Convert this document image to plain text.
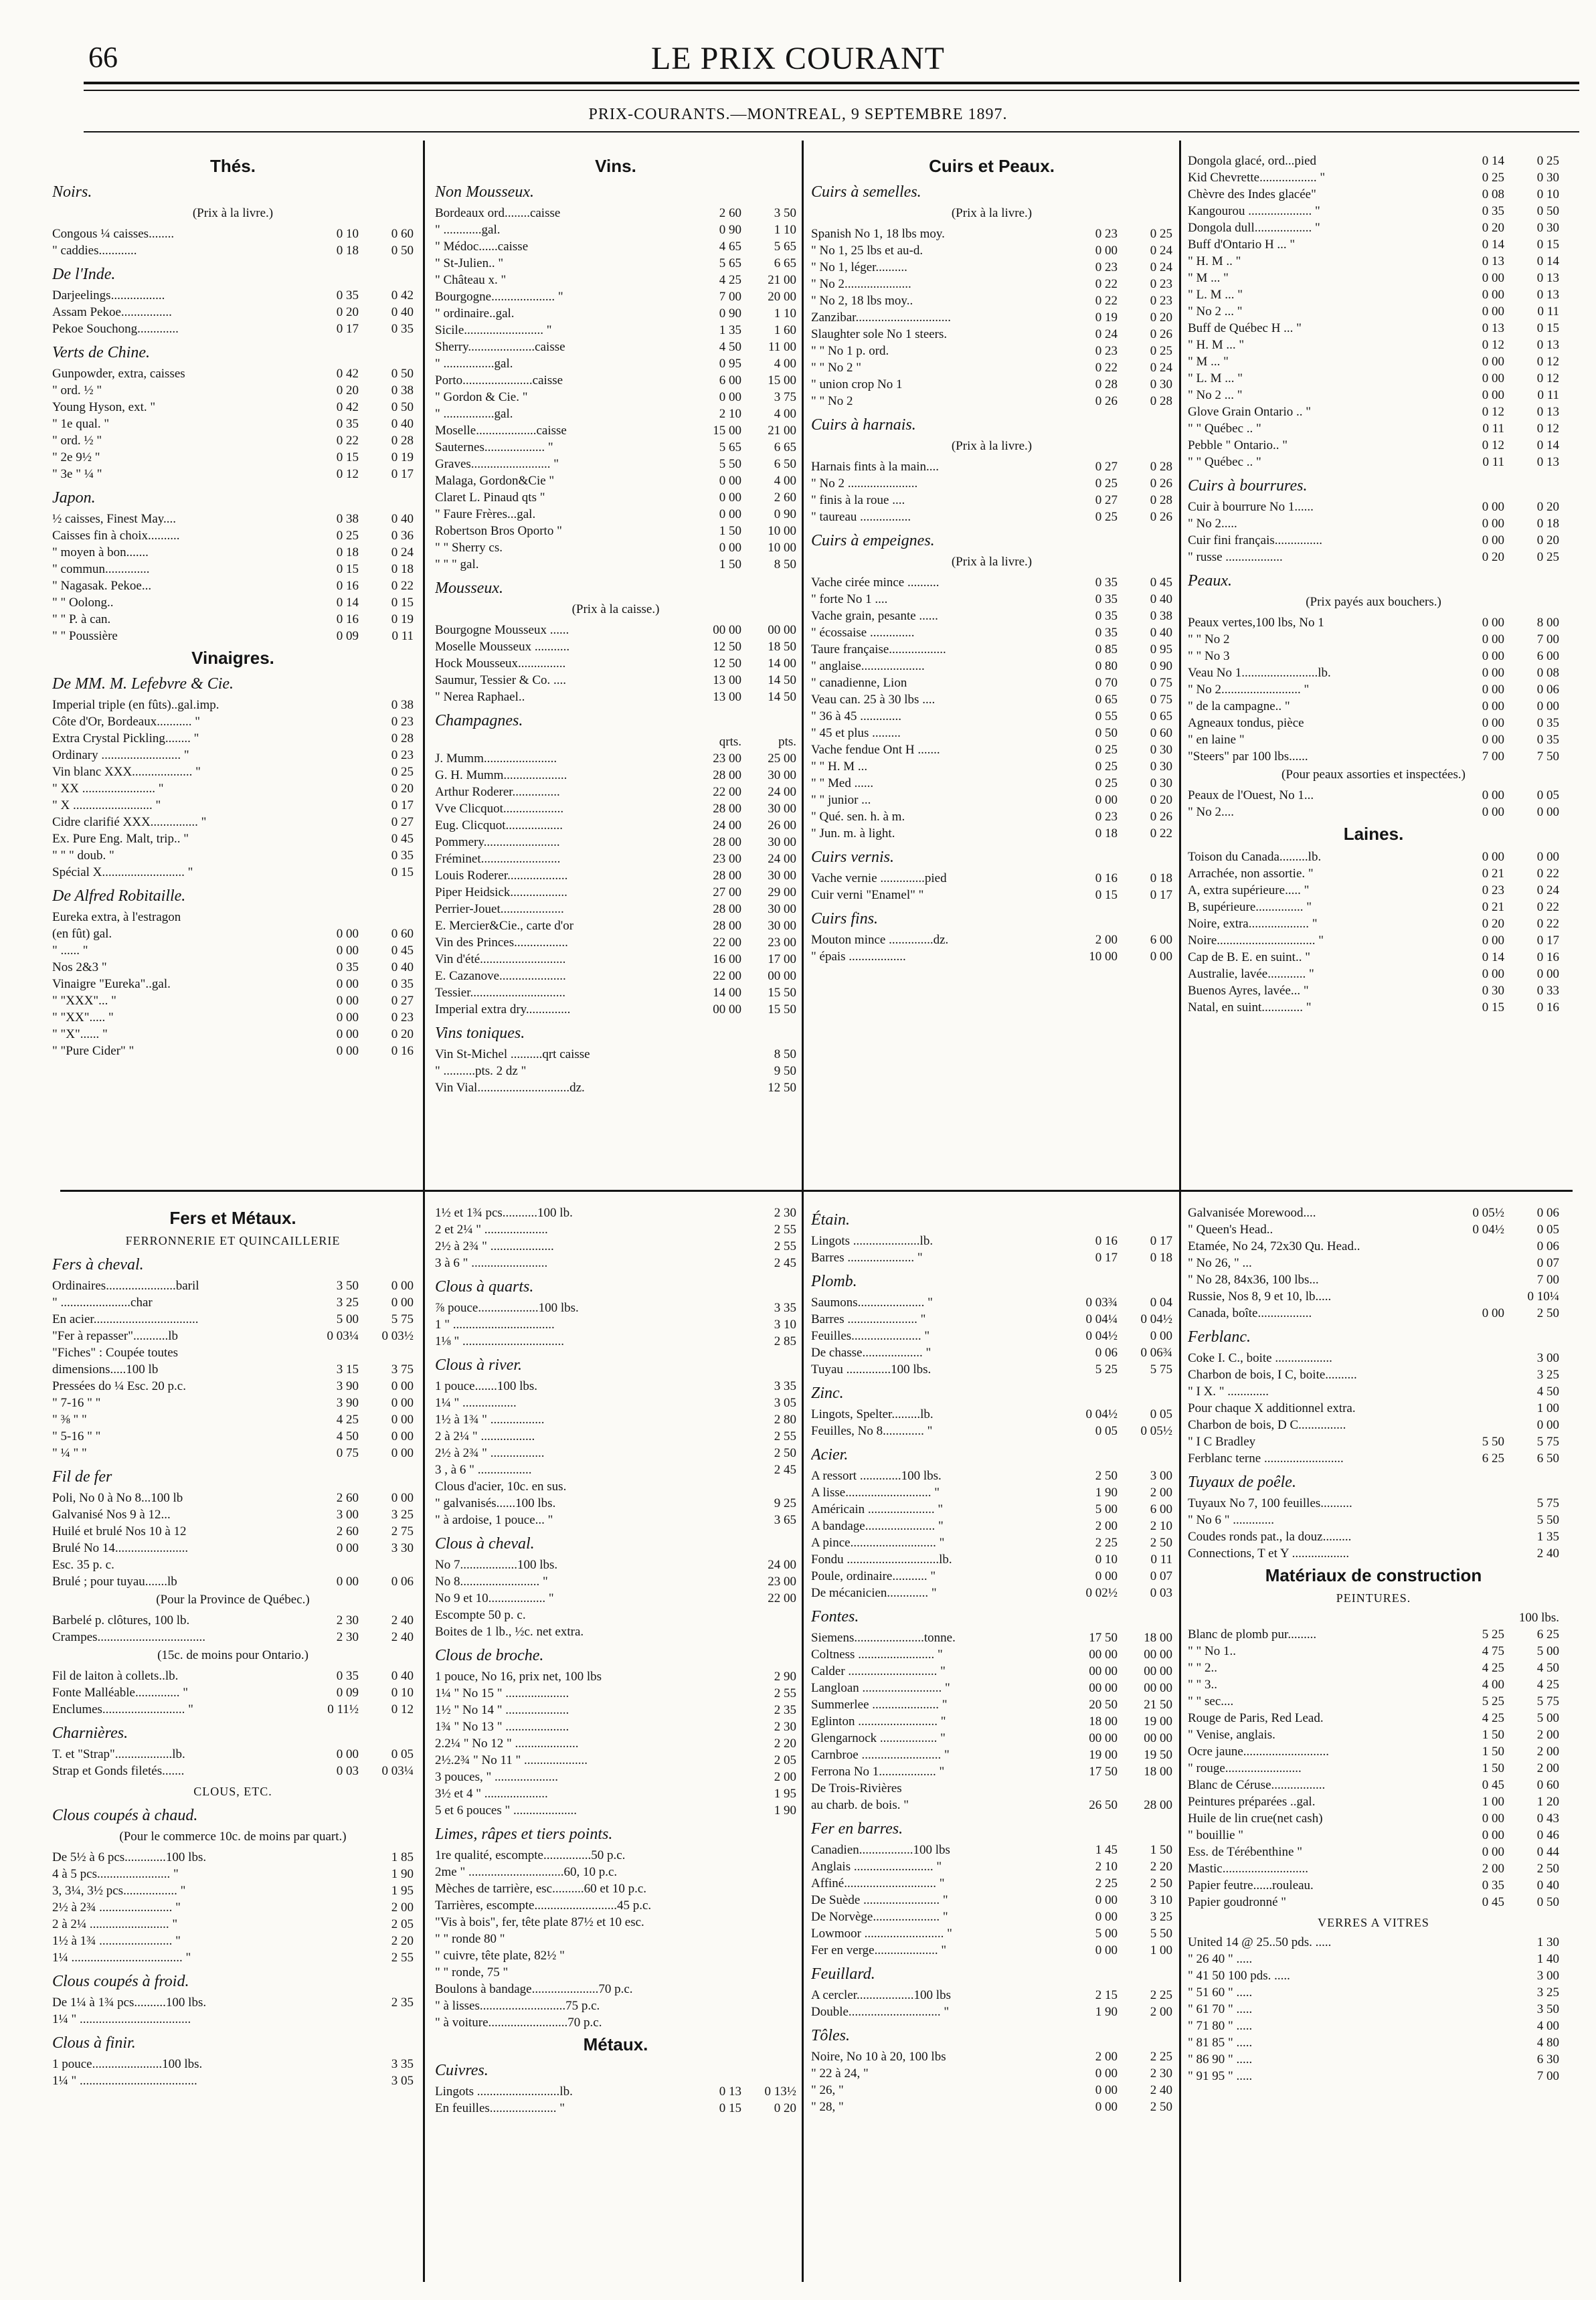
66	LE PRIX COURANT
PRIX-COURANTS.—MONTREAL, 9 SEPTEMBRE 1897.
Thés.
Noirs.
(Prix à la livre.)
Congous ¼ caisses........	0 10	0 60
" caddies............	0 18	0 50
De l'Inde.
Darjeelings.................	0 35	0 42
Assam Pekoe................	0 20	0 40
Pekoe Souchong.............	0 17	0 35
Verts de Chine.
Gunpowder, extra, caisses	0 42	0 50
" ord. ½ "	0 20	0 38
Young Hyson, ext. "	0 42	0 50
" 1e qual. "	0 35	0 40
" ord. ½ "	0 22	0 28
" 2e 9½ "	0 15	0 19
" 3e " ¼ "	0 12	0 17
Japon.
½ caisses, Finest May....	0 38	0 40
Caisses fin à choix..........	0 25	0 36
" moyen à bon.......	0 18	0 24
" commun..............	0 15	0 18
" Nagasak. Pekoe...	0 16	0 22
" " Oolong..	0 14	0 15
" " P. à can.	0 16	0 19
" " Poussière	0 09	0 11
Vinaigres.
De MM. M. Lefebvre & Cie.
Imperial triple (en fûts)..gal.imp.	0 38
Côte d'Or, Bordeaux........... "	0 23
Extra Crystal Pickling........ "	0 28
Ordinary ......................... "	0 23
Vin blanc XXX................... "	0 25
" XX ....................... "	0 20
" X ......................... "	0 17
Cidre clarifié XXX............... "	0 27
Ex. Pure Eng. Malt, trip.. "	0 45
" " " doub. "	0 35
Spécial X.......................... "	0 15
De Alfred Robitaille.
Eureka extra, à l'estragon
(en fût) gal.	0 00	0 60
" ...... "	0 00	0 45
Nos 2&3 "	0 35	0 40
Vinaigre "Eureka"..gal.	0 00	0 35
" "XXX"... "	0 00	0 27
" "XX"..... "	0 00	0 23
" "X"...... "	0 00	0 20
" "Pure Cider" "	0 00	0 16
Vins.
Non Mousseux.
Bordeaux ord........caisse	2 60	3 50
" ............gal.	0 90	1 10
" Médoc......caisse	4 65	5 65
" St-Julien.. "	5 65	6 65
" Château x. "	4 25	21 00
Bourgogne.................... "	7 00	20 00
" ordinaire..gal.	0 90	1 10
Sicile......................... "	1 35	1 60
Sherry.....................caisse	4 50	11 00
" ................gal.	0 95	4 00
Porto......................caisse	6 00	15 00
" Gordon & Cie. "	0 00	3 75
" ................gal.	2 10	4 00
Moselle...................caisse	15 00	21 00
Sauternes................... "	5 65	6 65
Graves......................... "	5 50	6 50
Malaga, Gordon&Cie "	0 00	4 00
Claret L. Pinaud qts "	0 00	2 60
" Faure Frères...gal.	0 00	0 90
Robertson Bros Oporto "	1 50	10 00
" " Sherry cs.	0 00	10 00
" " " gal.	1 50	8 50
Mousseux.
(Prix à la caisse.)
Bourgogne Mousseux ......	00 00	00 00
Moselle Mousseux ...........	12 50	18 50
Hock Mousseux...............	12 50	14 00
Saumur, Tessier & Co. ....	13 00	14 50
" Nerea Raphael..	13 00	14 50
Champagnes.
qrts.	pts.
J. Mumm.......................	23 00	25 00
G. H. Mumm....................	28 00	30 00
Arthur Roderer...............	22 00	24 00
Vve Clicquot...................	28 00	30 00
Eug. Clicquot..................	24 00	26 00
Pommery........................	28 00	30 00
Fréminet.........................	23 00	24 00
Louis Roderer...................	28 00	30 00
Piper Heidsick..................	27 00	29 00
Perrier-Jouet....................	28 00	30 00
E. Mercier&Cie., carte d'or	28 00	30 00
Vin des Princes.................	22 00	23 00
Vin d'été...........................	16 00	17 00
E. Cazanove.....................	22 00	00 00
Tessier..............................	14 00	15 50
Imperial extra dry..............	00 00	15 50
Vins toniques.
Vin St-Michel ..........qrt caisse	8 50
" ..........pts. 2 dz "	9 50
Vin Vial.............................dz.	12 50
Cuirs et Peaux.
Cuirs à semelles.
(Prix à la livre.)
Spanish No 1, 18 lbs moy.	0 23	0 25
" No 1, 25 lbs et au-d.	0 00	0 24
" No 1, léger..........	0 23	0 24
" No 2.....................	0 22	0 23
" No 2, 18 lbs moy..	0 22	0 23
Zanzibar..............................	0 19	0 20
Slaughter sole No 1 steers.	0 24	0 26
" " No 1 p. ord.	0 23	0 25
" " No 2 "	0 22	0 24
" union crop No 1	0 28	0 30
" " No 2	0 26	0 28
Cuirs à harnais.
(Prix à la livre.)
Harnais fints à la main....	0 27	0 28
" No 2 ......................	0 25	0 26
" finis à la roue ....	0 27	0 28
" taureau ................	0 25	0 26
Cuirs à empeignes.
(Prix à la livre.)
Vache cirée mince ..........	0 35	0 45
" forte No 1 ....	0 35	0 40
Vache grain, pesante ......	0 35	0 38
" écossaise ..............	0 35	0 40
Taure française..................	0 85	0 95
" anglaise....................	0 80	0 90
" canadienne, Lion	0 70	0 75
Veau can. 25 à 30 lbs ....	0 65	0 75
" 36 à 45 .............	0 55	0 65
" 45 et plus .........	0 50	0 60
Vache fendue Ont H .......	0 25	0 30
" " H. M ...	0 25	0 30
" " Med ......	0 25	0 30
" " junior ...	0 00	0 20
" Qué. sen. h. à m.	0 23	0 26
" Jun. m. à light.	0 18	0 22
Cuirs vernis.
Vache vernie ..............pied	0 16	0 18
Cuir verni "Enamel" "	0 15	0 17
Cuirs fins.
Mouton mince ..............dz.	2 00	6 00
" épais ..................	10 00	0 00
Dongola glacé, ord...pied	0 14	0 25
Kid Chevrette.................. "	0 25	0 30
Chèvre des Indes glacée"	0 08	0 10
Kangourou .................... "	0 35	0 50
Dongola dull.................. "	0 20	0 30
Buff d'Ontario H ... "	0 14	0 15
" H. M .. "	0 13	0 14
" M ... "	0 00	0 13
" L. M ... "	0 00	0 13
" No 2 ... "	0 00	0 11
Buff de Québec H ... "	0 13	0 15
" H. M ... "	0 12	0 13
" M ... "	0 00	0 12
" L. M ... "	0 00	0 12
" No 2 ... "	0 00	0 11
Glove Grain Ontario .. "	0 12	0 13
" " Québec .. "	0 11	0 12
Pebble " Ontario.. "	0 12	0 14
" " Québec .. "	0 11	0 13
Cuirs à bourrures.
Cuir à bourrure No 1......	0 00	0 20
" No 2.....	0 00	0 18
Cuir fini français...............	0 00	0 20
" russe ..................	0 20	0 25
Peaux.
(Prix payés aux bouchers.)
Peaux vertes,100 lbs, No 1	0 00	8 00
" " No 2	0 00	7 00
" " No 3	0 00	6 00
Veau No 1........................lb.	0 00	0 08
" No 2......................... "	0 00	0 06
" de la campagne.. "	0 00	0 00
Agneaux tondus, pièce	0 00	0 35
" en laine "	0 00	0 35
"Steers" par 100 lbs......	7 00	7 50
(Pour peaux assorties et inspectées.)
Peaux de l'Ouest, No 1...	0 00	0 05
" No 2....	0 00	0 00
Laines.
Toison du Canada.........lb.	0 00	0 00
Arrachée, non assortie. "	0 21	0 22
A, extra supérieure..... "	0 23	0 24
B, supérieure............... "	0 21	0 22
Noire, extra................... "	0 20	0 22
Noire............................... "	0 00	0 17
Cap de B. E. en suint.. "	0 14	0 16
Australie, lavée............ "	0 00	0 00
Buenos Ayres, lavée... "	0 30	0 33
Natal, en suint............. "	0 15	0 16
Fers et Métaux.
FERRONNERIE ET QUINCAILLERIE
Fers à cheval.
Ordinaires......................baril	3 50	0 00
" ......................char	3 25	0 00
En acier.................................	5 00	5 75
"Fer à repasser"...........lb	0 03¼	0 03½
"Fiches" : Coupée toutes
dimensions.....100 lb	3 15	3 75
Pressées do ¼ Esc. 20 p.c.	3 90	0 00
" 7-16 " "	3 90	0 00
" ⅜ " "	4 25	0 00
" 5-16 " "	4 50	0 00
" ¼ " "	0 75	0 00
Fil de fer
Poli, No 0 à No 8...100 lb	2 60	0 00
Galvanisé Nos 9 à 12...	3 00	3 25
Huilé et brulé Nos 10 à 12	2 60	2 75
Brulé No 14.......................	0 00	3 30
Esc. 35 p. c.
Brulé ; pour tuyau.......lb	0 00	0 06
(Pour la Province de Québec.)
Barbelé p. clôtures, 100 lb.	2 30	2 40
Crampes..................................	2 30	2 40
(15c. de moins pour Ontario.)
Fil de laiton à collets..lb.	0 35	0 40
Fonte Malléable.............. "	0 09	0 10
Enclumes.......................... "	0 11½	0 12
Charnières.
T. et "Strap"..................lb.	0 00	0 05
Strap et Gonds filetés.......	0 03	0 03¼
CLOUS, ETC.
Clous coupés à chaud.
(Pour le commerce 10c. de moins par quart.)
De 5½ à 6 pcs.............100 lbs.	1 85
4 à 5 pcs....................... "	1 90
3, 3¼, 3½ pcs................. "	1 95
2½ à 2¾ ....................... "	2 00
2 à 2¼ ......................... "	2 05
1½ à 1¾ ....................... "	2 20
1¼ ................................... "	2 55
Clous coupés à froid.
De 1¼ à 1¾ pcs..........100 lbs.	2 35
1¼ " ...................................
Clous à finir.
1 pouce......................100 lbs.	3 35
1¼ " .....................................	3 05
1½ et 1¾ pcs...........100 lb.	2 30
2 et 2¼ " ....................	2 55
2½ à 2¾ " ....................	2 55
3 à 6 " ........................	2 45
Clous à quarts.
⅞ pouce...................100 lbs.	3 35
1 " ................................	3 10
1⅛ " ................................	2 85
Clous à river.
1 pouce.......100 lbs.	3 35
1¼ " .................	3 05
1½ à 1¾ " .................	2 80
2 à 2¼ " .................	2 55
2½ à 2¾ " .................	2 50
3 , à 6 " .................	2 45
Clous d'acier, 10c. en sus.
" galvanisés......100 lbs.	9 25
" à ardoise, 1 pouce... "	3 65
Clous à cheval.
No 7..................100 lbs.	24 00
No 8......................... "	23 00
No 9 et 10.................. "	22 00
Escompte 50 p. c.
Boites de 1 lb., ½c. net extra.
Clous de broche.
1 pouce, No 16, prix net, 100 lbs	2 90
1¼ " No 15 " ....................	2 55
1½ " No 14 " ....................	2 35
1¾ " No 13 " ....................	2 30
2.2¼ " No 12 " ....................	2 20
2½.2¾ " No 11 " ....................	2 05
3 pouces, " ....................	2 00
3½ et 4 " ....................	1 95
5 et 6 pouces " ....................	1 90
Limes, râpes et tiers points.
1re qualité, escompte...............50 p.c.
2me " ..............................60, 10 p.c.
Mèches de tarrière, esc..........60 et 10 p.c.
Tarrières, escompte..........................45 p.c.
"Vis à bois", fer, tête plate 87½ et 10 esc.
" " ronde 80 "
" cuivre, tête plate, 82½ "
" " ronde, 75 "
Boulons à bandage.....................70 p.c.
" à lisses...........................75 p.c.
" à voiture.........................70 p.c.
Métaux.
Cuivres.
Lingots ..........................lb.	0 13	0 13½
En feuilles..................... "	0 15	0 20
Étain.
Lingots .....................lb.	0 16	0 17
Barres ..................... "	0 17	0 18
Plomb.
Saumons..................... "	0 03¾	0 04
Barres ...................... "	0 04¼	0 04½
Feuilles...................... "	0 04½	0 00
De chasse................... "	0 06	0 06¾
Tuyau ..............100 lbs.	5 25	5 75
Zinc.
Lingots, Spelter.........lb.	0 04½	0 05
Feuilles, No 8............. "	0 05	0 05½
Acier.
A ressort .............100 lbs.	2 50	3 00
A lisse........................... "	1 90	2 00
Américain ..................... "	5 00	6 00
A bandage...................... "	2 00	2 10
A pince........................... "	2 25	2 50
Fondu .............................lb.	0 10	0 11
Poule, ordinaire........... "	0 00	0 07
De mécanicien............. "	0 02½	0 03
Fontes.
Siemens......................tonne.	17 50	18 00
Coltness ........................ "	00 00	00 00
Calder ............................ "	00 00	00 00
Langloan ......................... "	00 00	00 00
Summerlee ..................... "	20 50	21 50
Eglinton ......................... "	18 00	19 00
Glengarnock .................. "	00 00	00 00
Carnbroe ......................... "	19 00	19 50
Ferrona No 1.................. "	17 50	18 00
De Trois-Rivières
au charb. de bois. "	26 50	28 00
Fer en barres.
Canadien.................100 lbs	1 45	1 50
Anglais ......................... "	2 10	2 20
Affiné............................. "	2 25	2 50
De Suède ........................ "	0 00	3 10
De Norvège..................... "	0 00	3 25
Lowmoor ......................... "	5 00	5 50
Fer en verge.................... "	0 00	1 00
Feuillard.
A cercler..................100 lbs	2 15	2 25
Double............................. "	1 90	2 00
Tôles.
Noire, No 10 à 20, 100 lbs	2 00	2 25
" 22 à 24, "	0 00	2 30
" 26, "	0 00	2 40
" 28, "	0 00	2 50
Galvanisée Morewood....	0 05½	0 06
" Queen's Head..	0 04½	0 05
Etamée, No 24, 72x30 Qu. Head..	0 06
" No 26, " ...	0 07
" No 28, 84x36, 100 lbs...	7 00
Russie, Nos 8, 9 et 10, lb.....	0 10¼
Canada, boîte.................	0 00	2 50
Ferblanc.
Coke I. C., boite ..................	3 00
Charbon de bois, I C, boite..........	3 25
" I X. " .............	4 50
Pour chaque X additionnel extra.	1 00
Charbon de bois, D C...............	0 00
" I C Bradley	5 50	5 75
Ferblanc terne .........................	6 25	6 50
Tuyaux de poêle.
Tuyaux No 7, 100 feuilles..........	5 75
" No 6 " .............	5 50
Coudes ronds pat., la douz.........	1 35
Connections, T et Y ..................	2 40
Matériaux de construction
PEINTURES.
100 lbs.
Blanc de plomb pur.........	5 25	6 25
" " No 1..	4 75	5 00
" " 2..	4 25	4 50
" " 3..	4 00	4 25
" " sec....	5 25	5 75
Rouge de Paris, Red Lead.	4 25	5 00
" Venise, anglais.	1 50	2 00
Ocre jaune...........................	1 50	2 00
" rouge........................	1 50	2 00
Blanc de Céruse.................	0 45	0 60
Peintures préparées ..gal.	1 00	1 20
Huile de lin crue(net cash)	0 00	0 43
" bouillie "	0 00	0 46
Ess. de Térébenthine "	0 00	0 44
Mastic...........................	2 00	2 50
Papier feutre......rouleau.	0 35	0 40
Papier goudronné "	0 45	0 50
VERRES A VITRES
United 14 @ 25..50 pds. .....	1 30
" 26 40 " .....	1 40
" 41 50 100 pds. .....	3 00
" 51 60 " .....	3 25
" 61 70 " .....	3 50
" 71 80 " .....	4 00
" 81 85 " .....	4 80
" 86 90 " .....	6 30
" 91 95 " .....	7 00
